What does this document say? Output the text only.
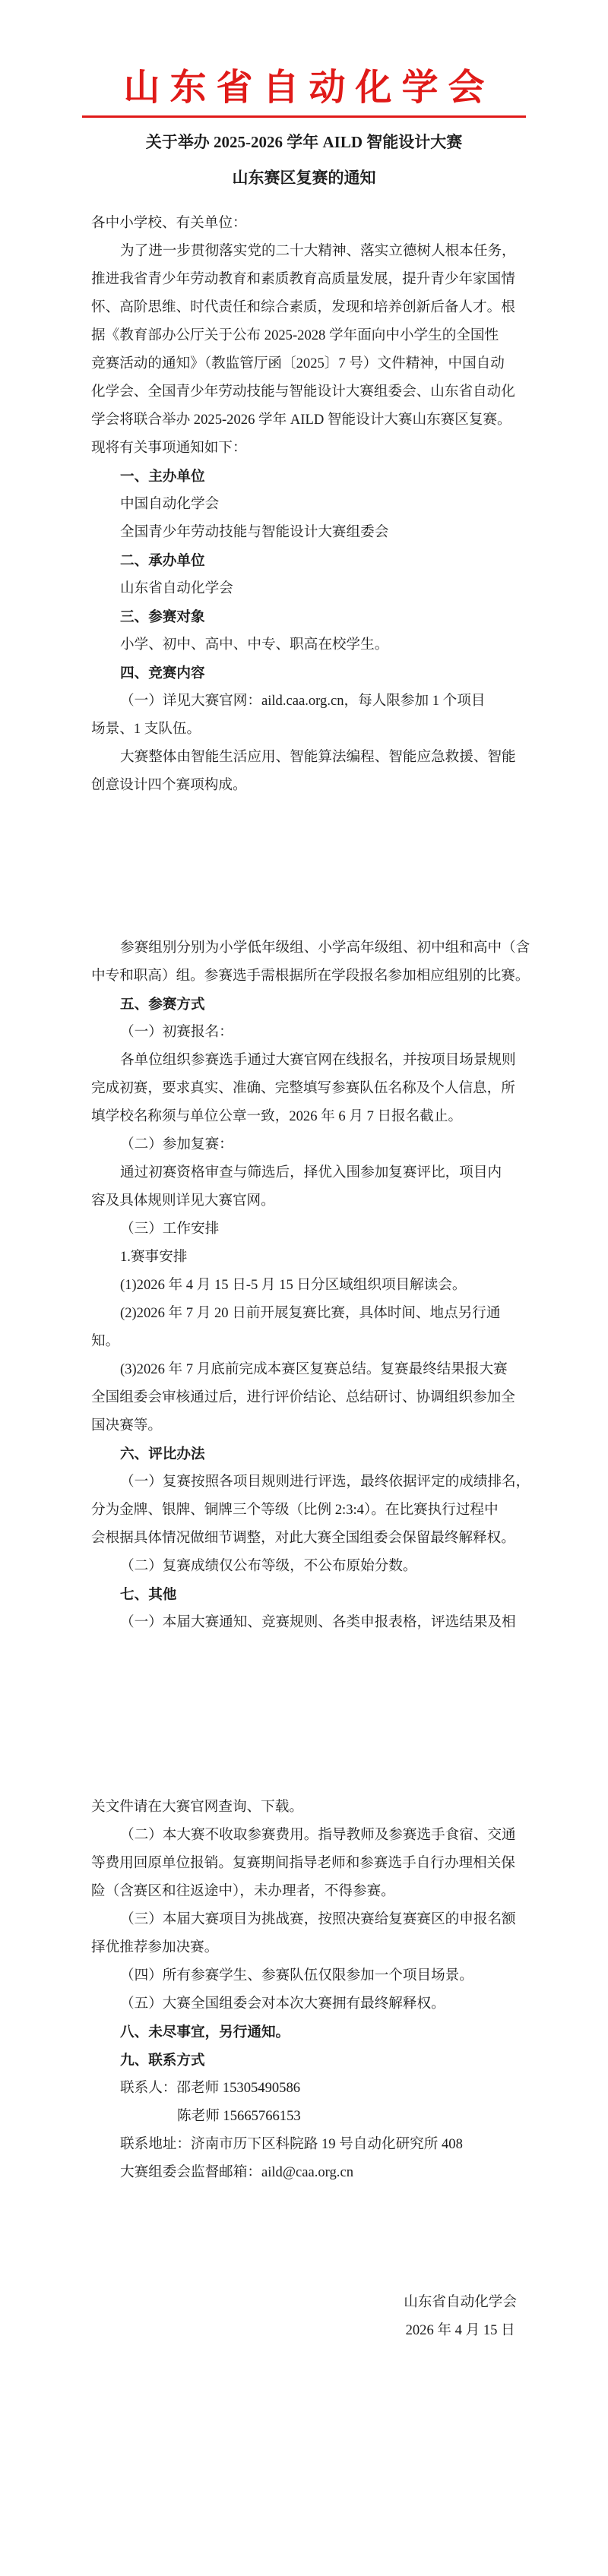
山东省自动化学会
关于举办 2025-2026 学年 AILD 智能设计大赛
山东赛区复赛的通知
各中小学校、有关单位：
为了进一步贯彻落实党的二十大精神、落实立德树人根本任务，
推进我省青少年劳动教育和素质教育高质量发展，提升青少年家国情
怀、高阶思维、时代责任和综合素质，发现和培养创新后备人才。根
据《教育部办公厅关于公布 2025-2028 学年面向中小学生的全国性
竞赛活动的通知》（教监管厅函〔2025〕7 号）文件精神，中国自动
化学会、全国青少年劳动技能与智能设计大赛组委会、山东省自动化
学会将联合举办 2025-2026 学年 AILD 智能设计大赛山东赛区复赛。
现将有关事项通知如下：
一、主办单位
中国自动化学会
全国青少年劳动技能与智能设计大赛组委会
二、承办单位
山东省自动化学会
三、参赛对象
小学、初中、高中、中专、职高在校学生。
四、竞赛内容
（一）详见大赛官网：aild.caa.org.cn，每人限参加 1 个项目
场景、1 支队伍。
大赛整体由智能生活应用、智能算法编程、智能应急救援、智能
创意设计四个赛项构成。
参赛组别分别为小学低年级组、小学高年级组、初中组和高中（含
中专和职高）组。参赛选手需根据所在学段报名参加相应组别的比赛。
五、参赛方式
（一）初赛报名：
各单位组织参赛选手通过大赛官网在线报名，并按项目场景规则
完成初赛，要求真实、准确、完整填写参赛队伍名称及个人信息，所
填学校名称须与单位公章一致，2026 年 6 月 7 日报名截止。
（二）参加复赛：
通过初赛资格审查与筛选后，择优入围参加复赛评比，项目内
容及具体规则详见大赛官网。
（三）工作安排
1.赛事安排
(1)2026 年 4 月 15 日-5 月 15 日分区域组织项目解读会。
(2)2026 年 7 月 20 日前开展复赛比赛，具体时间、地点另行通
知。
(3)2026 年 7 月底前完成本赛区复赛总结。复赛最终结果报大赛
全国组委会审核通过后，进行评价结论、总结研讨、协调组织参加全
国决赛等。
六、评比办法
（一）复赛按照各项目规则进行评选，最终依据评定的成绩排名，
分为金牌、银牌、铜牌三个等级（比例 2:3:4）。在比赛执行过程中
会根据具体情况做细节调整，对此大赛全国组委会保留最终解释权。
（二）复赛成绩仅公布等级，不公布原始分数。
七、其他
（一）本届大赛通知、竞赛规则、各类申报表格，评选结果及相
关文件请在大赛官网查询、下载。
（二）本大赛不收取参赛费用。指导教师及参赛选手食宿、交通
等费用回原单位报销。复赛期间指导老师和参赛选手自行办理相关保
险（含赛区和往返途中），未办理者，不得参赛。
（三）本届大赛项目为挑战赛，按照决赛给复赛赛区的申报名额
择优推荐参加决赛。
（四）所有参赛学生、参赛队伍仅限参加一个项目场景。
（五）大赛全国组委会对本次大赛拥有最终解释权。
八、未尽事宜，另行通知。
九、联系方式
联系人：邵老师 15305490586
陈老师 15665766153
联系地址：济南市历下区科院路 19 号自动化研究所 408
大赛组委会监督邮箱：aild@caa.org.cn
山东省自动化学会
2026 年 4 月 15 日
